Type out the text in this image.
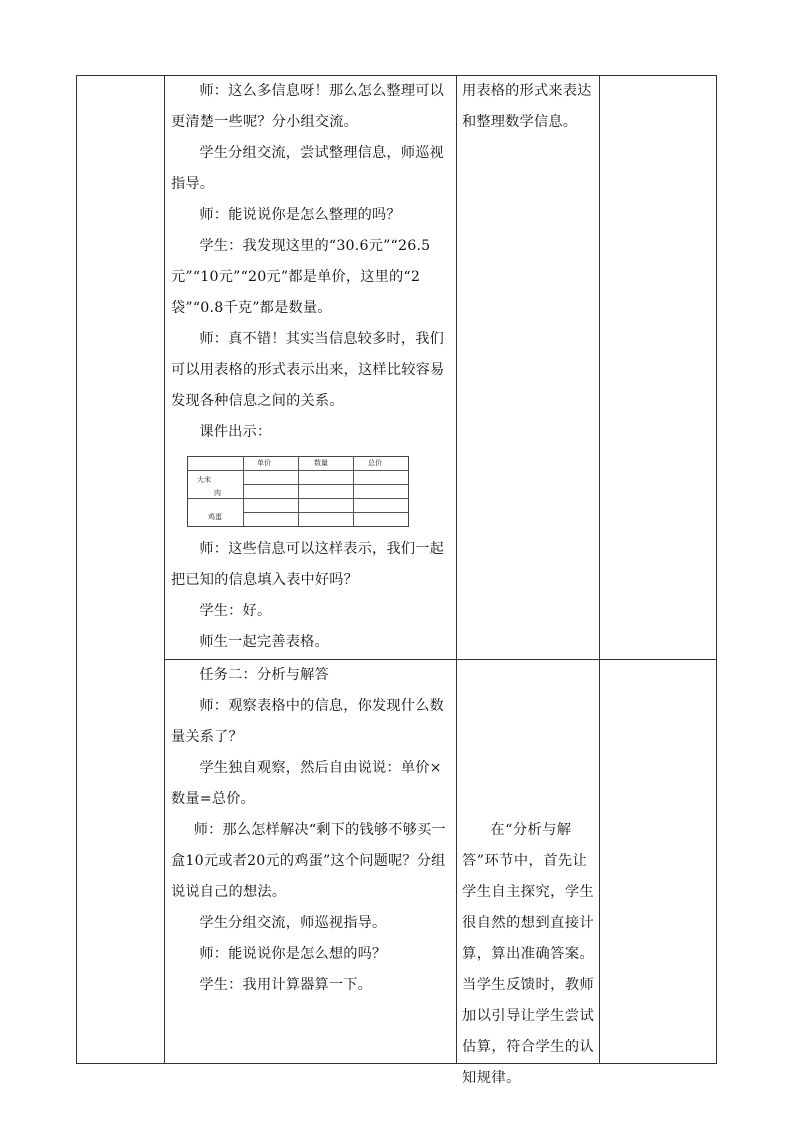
师：这么多信息呀！那么怎么整理可以更清楚一些呢？分小组交流。

学生分组交流，尝试整理信息，师巡视指导。

师：能说说你是怎么整理的吗？

学生：我发现这里的“30.6元”“26.5元”“10元”“20元”都是单价，这里的“2袋”“0.8千克”都是数量。

师：真不错！其实当信息较多时，我们可以用表格的形式表示出来，这样比较容易发现各种信息之间的关系。

课件出示：

单价	数量	总价
大米
肉
鸡蛋

师：这些信息可以这样表示，我们一起把已知的信息填入表中好吗？

学生：好。

师生一起完善表格。

用表格的形式来表达和整理数学信息。

任务二：分析与解答

师：观察表格中的信息，你发现什么数量关系了？

学生独自观察，然后自由说说：单价×数量=总价。

师：那么怎样解决“剩下的钱够不够买一盒10元或者20元的鸡蛋”这个问题呢？分组说说自己的想法。

学生分组交流，师巡视指导。

师：能说说你是怎么想的吗？

学生：我用计算器算一下。

在“分析与解答”环节中，首先让学生自主探究，学生很自然的想到直接计算，算出准确答案。当学生反馈时，教师加以引导让学生尝试估算，符合学生的认知规律。
